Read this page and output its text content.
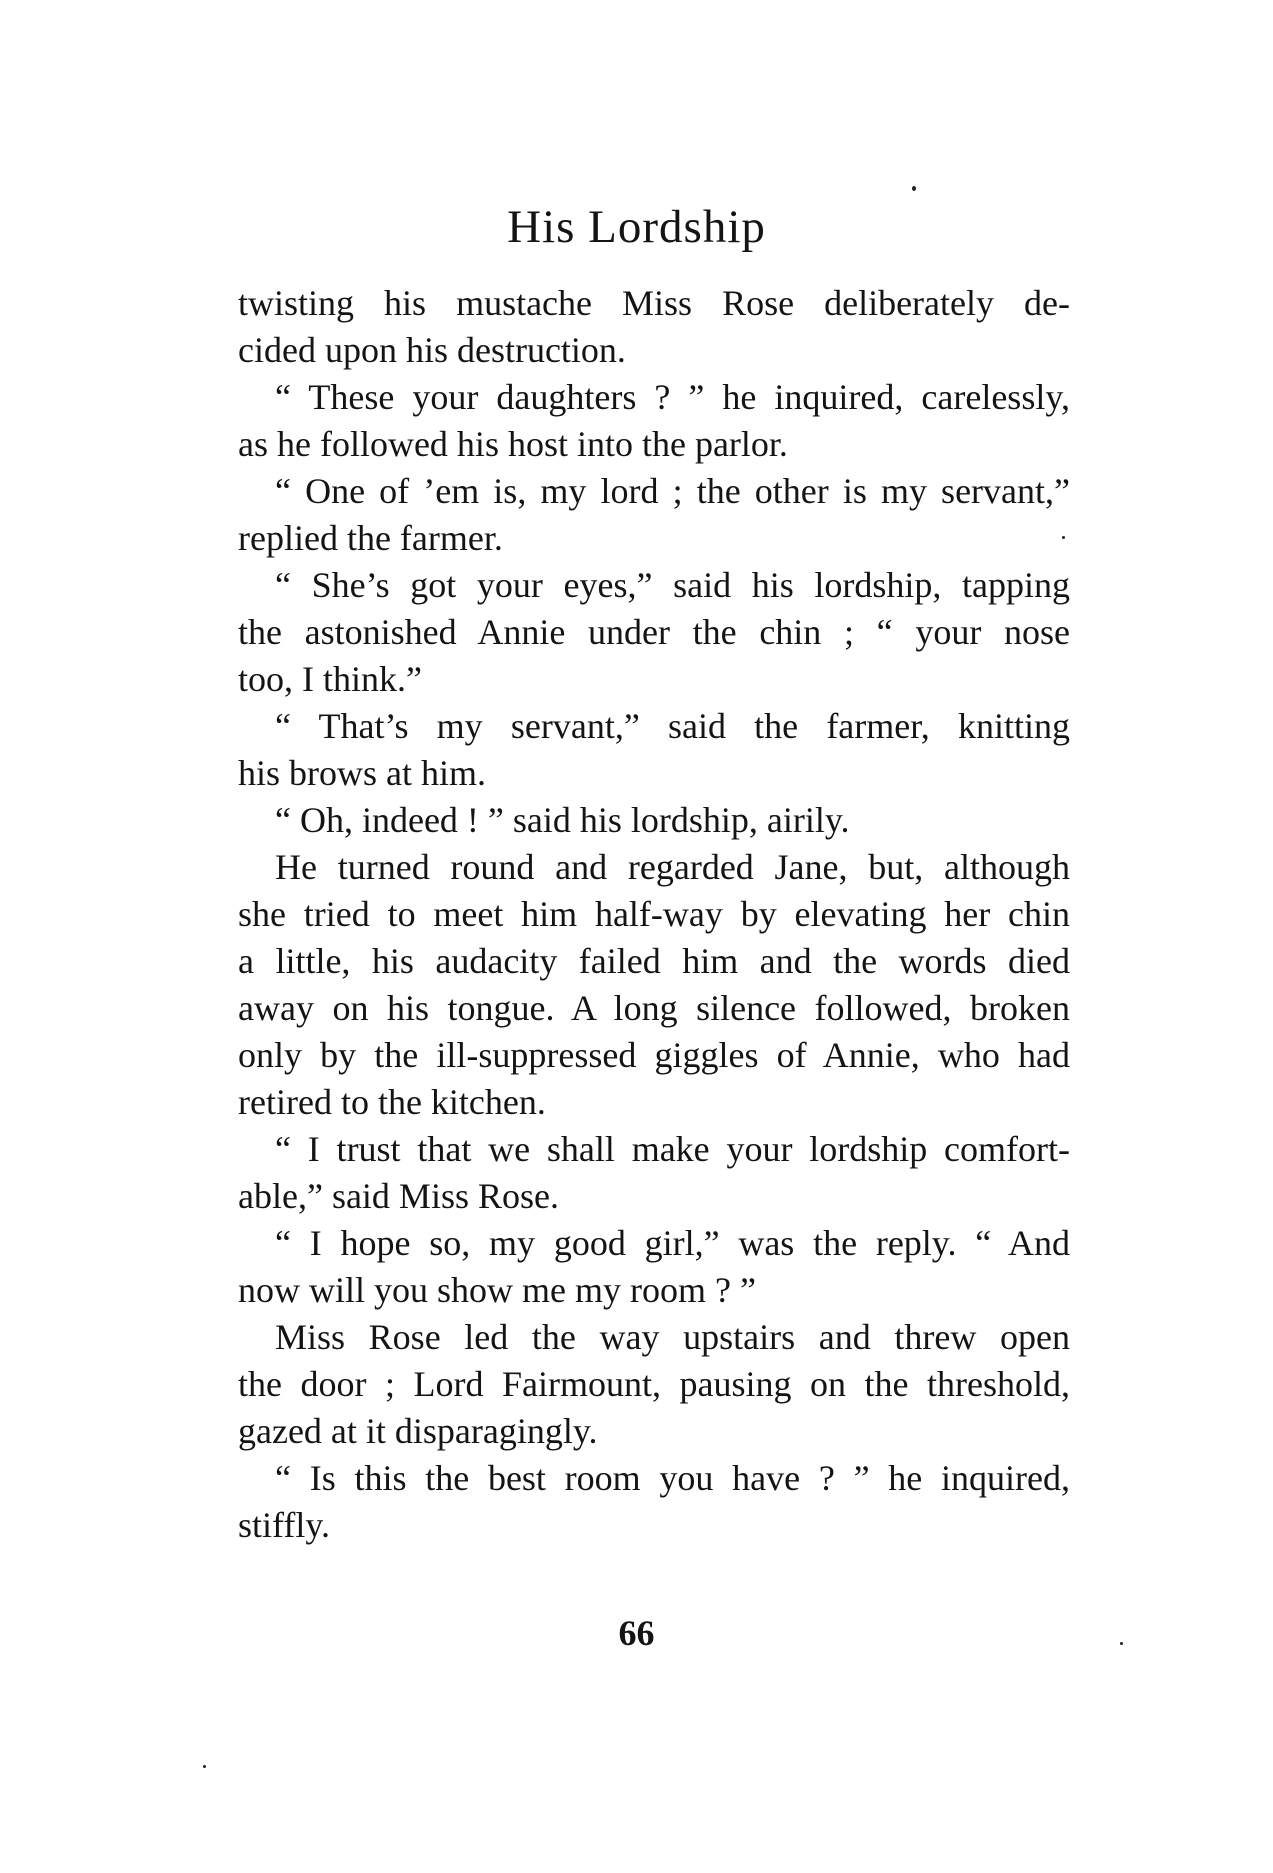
His Lordship
twisting his mustache Miss Rose deliberately de-
cided upon his destruction.
“ These your daughters ? ” he inquired, carelessly,
as he followed his host into the parlor.
“ One of ’em is, my lord ; the other is my servant,”
replied the farmer.
“ She’s got your eyes,” said his lordship, tapping
the astonished Annie under the chin ; “ your nose
too, I think.”
“ That’s my servant,” said the farmer, knitting
his brows at him.
“ Oh, indeed ! ” said his lordship, airily.
He turned round and regarded Jane, but, although
she tried to meet him half-way by elevating her chin
a little, his audacity failed him and the words died
away on his tongue. A long silence followed, broken
only by the ill-suppressed giggles of Annie, who had
retired to the kitchen.
“ I trust that we shall make your lordship comfort-
able,” said Miss Rose.
“ I hope so, my good girl,” was the reply. “ And
now will you show me my room ? ”
Miss Rose led the way upstairs and threw open
the door ; Lord Fairmount, pausing on the threshold,
gazed at it disparagingly.
“ Is this the best room you have ? ” he inquired,
stiffly.
66
